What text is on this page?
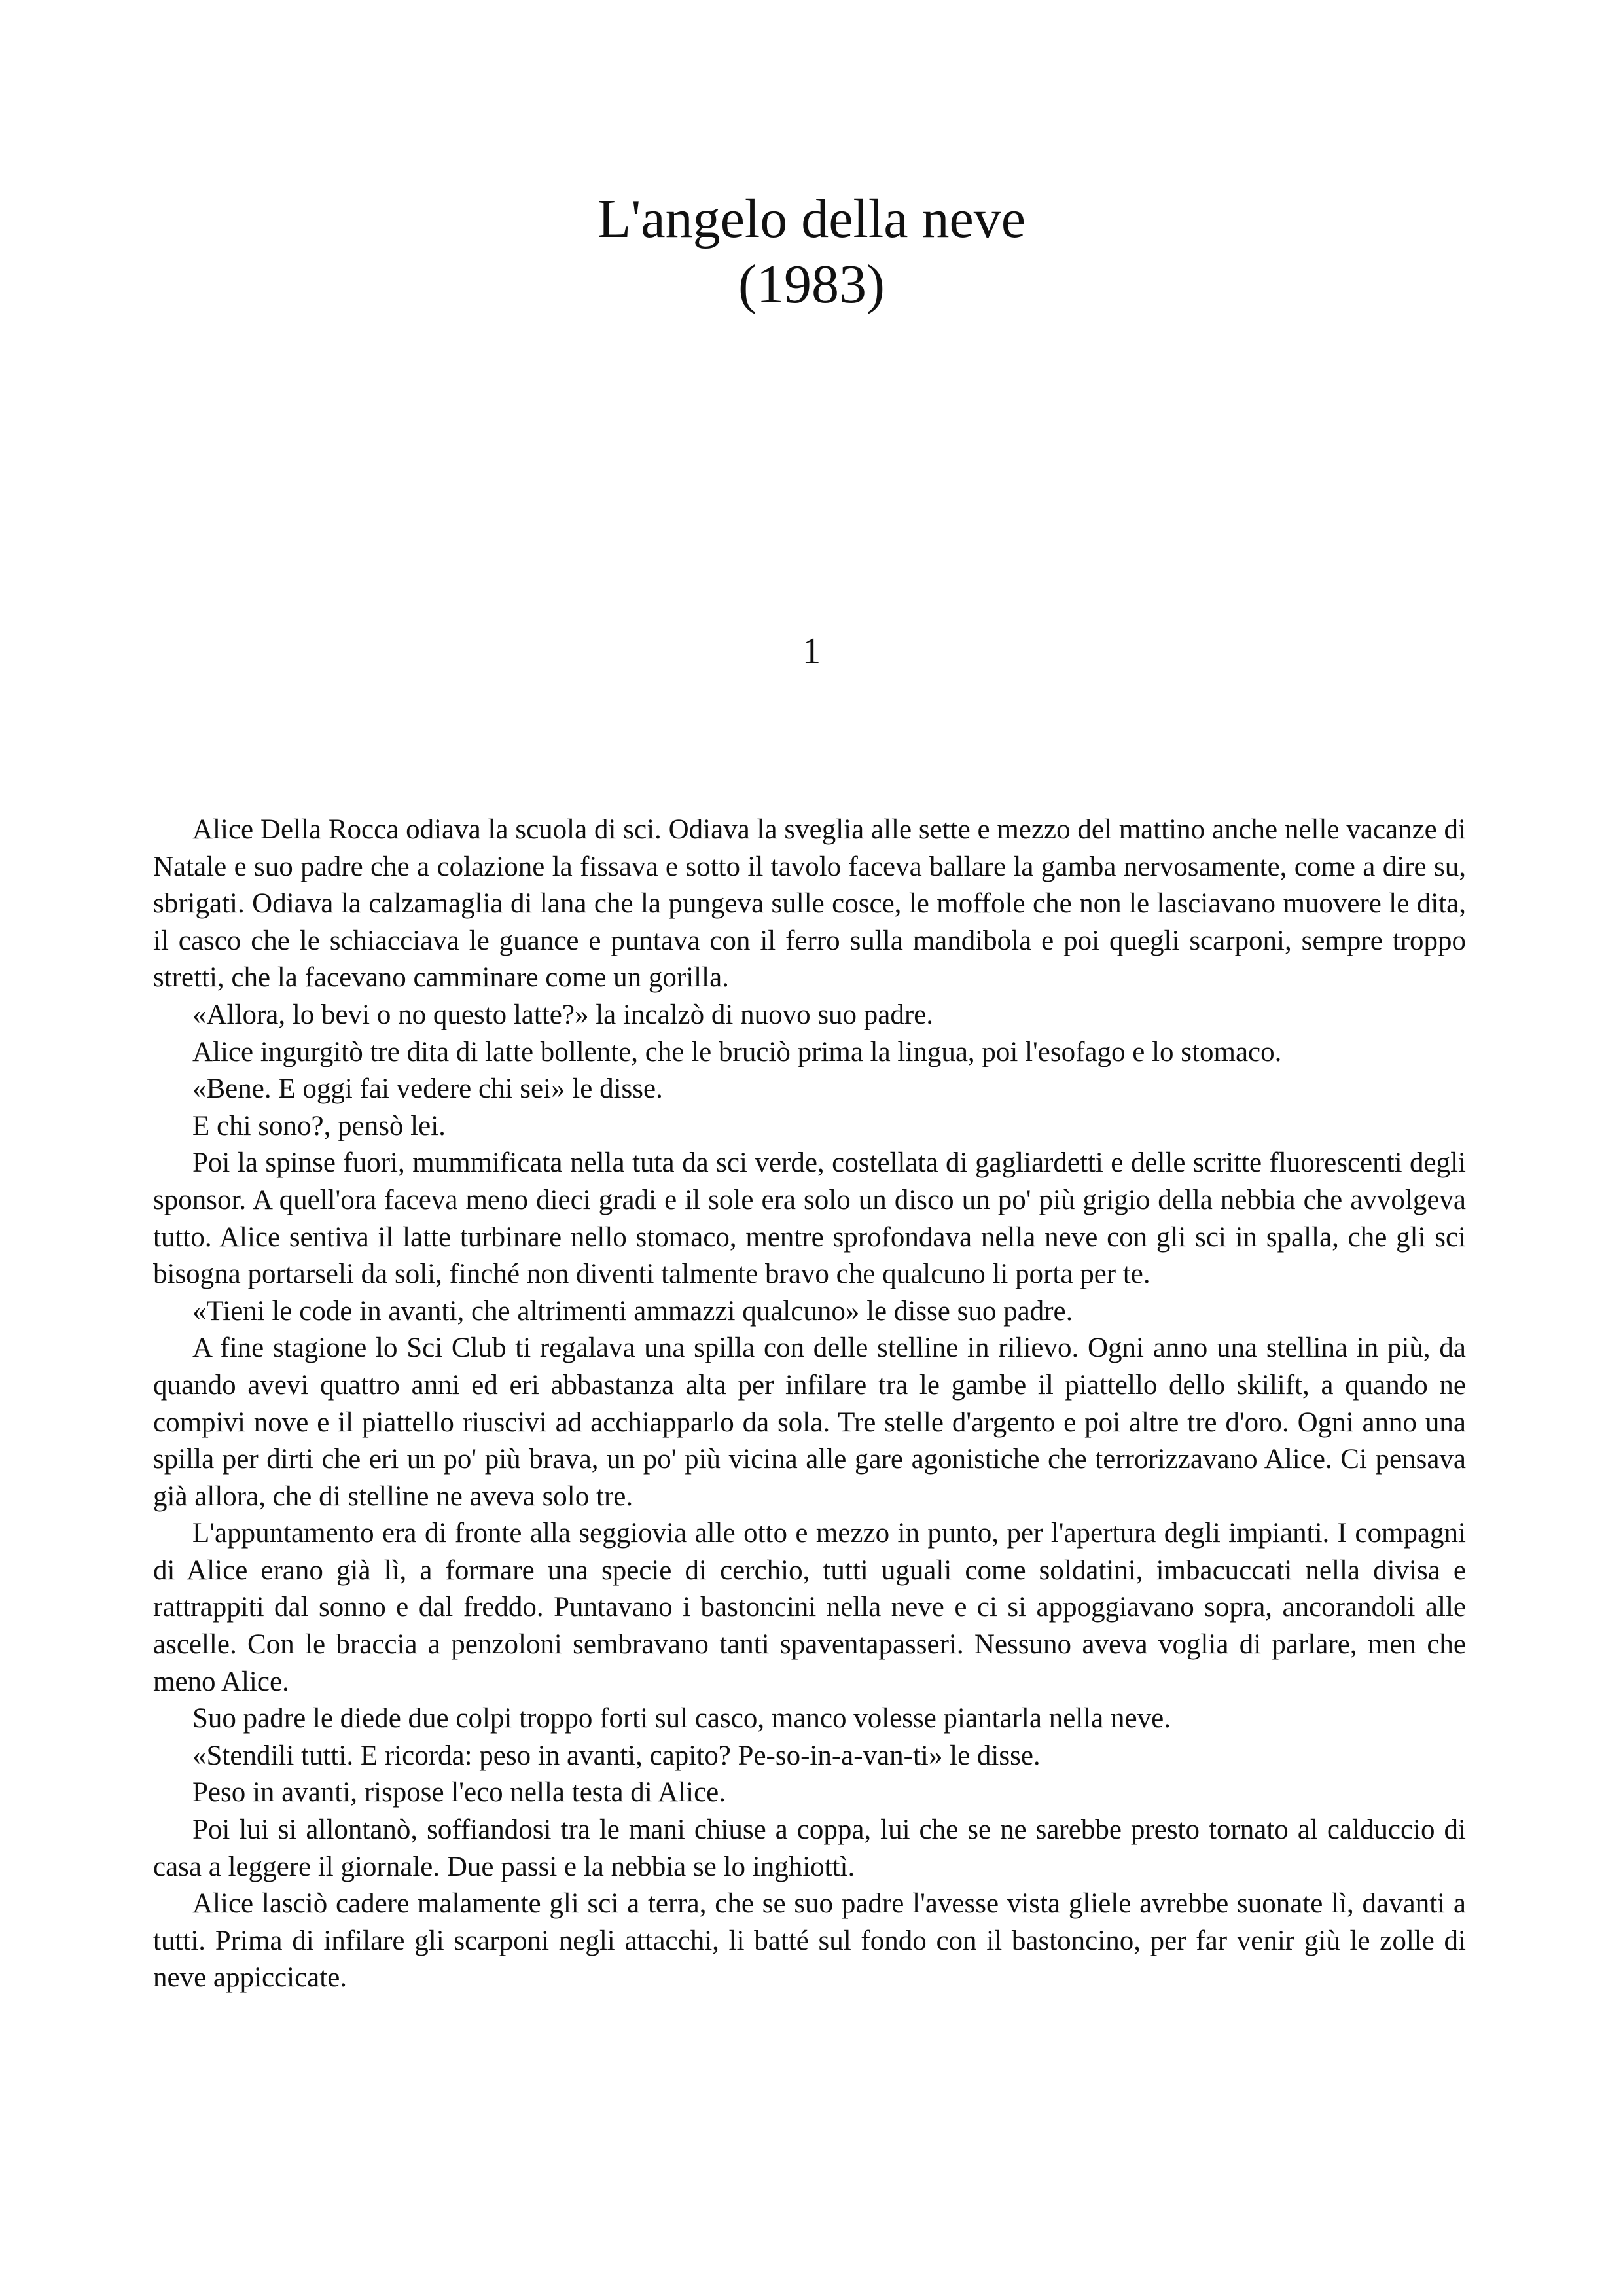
L'angelo della neve
(1983)
1

Alice Della Rocca odiava la scuola di sci. Odiava la sveglia alle sette e mezzo del mattino anche nelle vacanze di Natale e suo padre che a colazione la fissava e sotto il tavolo faceva ballare la gamba nervosamente, come a dire su, sbrigati. Odiava la calzamaglia di lana che la pungeva sulle cosce, le moffole che non le lasciavano muovere le dita, il casco che le schiacciava le guance e puntava con il ferro sulla mandibola e poi quegli scarponi, sempre troppo stretti, che la facevano camminare come un gorilla.

«Allora, lo bevi o no questo latte?» la incalzò di nuovo suo padre.

Alice ingurgitò tre dita di latte bollente, che le bruciò prima la lingua, poi l'esofago e lo stomaco.

«Bene. E oggi fai vedere chi sei» le disse.

E chi sono?, pensò lei.

Poi la spinse fuori, mummificata nella tuta da sci verde, costellata di gagliardetti e delle scritte fluorescenti degli sponsor. A quell'ora faceva meno dieci gradi e il sole era solo un disco un po' più grigio della nebbia che avvolgeva tutto. Alice sentiva il latte turbinare nello stomaco, mentre sprofondava nella neve con gli sci in spalla, che gli sci bisogna portarseli da soli, finché non diventi talmente bravo che qualcuno li porta per te.

«Tieni le code in avanti, che altrimenti ammazzi qualcuno» le disse suo padre.

A fine stagione lo Sci Club ti regalava una spilla con delle stelline in rilievo. Ogni anno una stellina in più, da quando avevi quattro anni ed eri abbastanza alta per infilare tra le gambe il piattello dello skilift, a quando ne compivi nove e il piattello riuscivi ad acchiapparlo da sola. Tre stelle d'argento e poi altre tre d'oro. Ogni anno una spilla per dirti che eri un po' più brava, un po' più vicina alle gare agonistiche che terrorizzavano Alice. Ci pensava già allora, che di stelline ne aveva solo tre.

L'appuntamento era di fronte alla seggiovia alle otto e mezzo in punto, per l'apertura degli impianti. I compagni di Alice erano già lì, a formare una specie di cerchio, tutti uguali come soldatini, imbacuccati nella divisa e rattrappiti dal sonno e dal freddo. Puntavano i bastoncini nella neve e ci si appoggiavano sopra, ancorandoli alle ascelle. Con le braccia a penzoloni sembravano tanti spaventapasseri. Nessuno aveva voglia di parlare, men che meno Alice.

Suo padre le diede due colpi troppo forti sul casco, manco volesse piantarla nella neve.

«Stendili tutti. E ricorda: peso in avanti, capito? Pe-so-in-a-van-ti» le disse.

Peso in avanti, rispose l'eco nella testa di Alice.

Poi lui si allontanò, soffiandosi tra le mani chiuse a coppa, lui che se ne sarebbe presto tornato al calduccio di casa a leggere il giornale. Due passi e la nebbia se lo inghiottì.

Alice lasciò cadere malamente gli sci a terra, che se suo padre l'avesse vista gliele avrebbe suonate lì, davanti a tutti. Prima di infilare gli scarponi negli attacchi, li batté sul fondo con il bastoncino, per far venir giù le zolle di neve appiccicate.
